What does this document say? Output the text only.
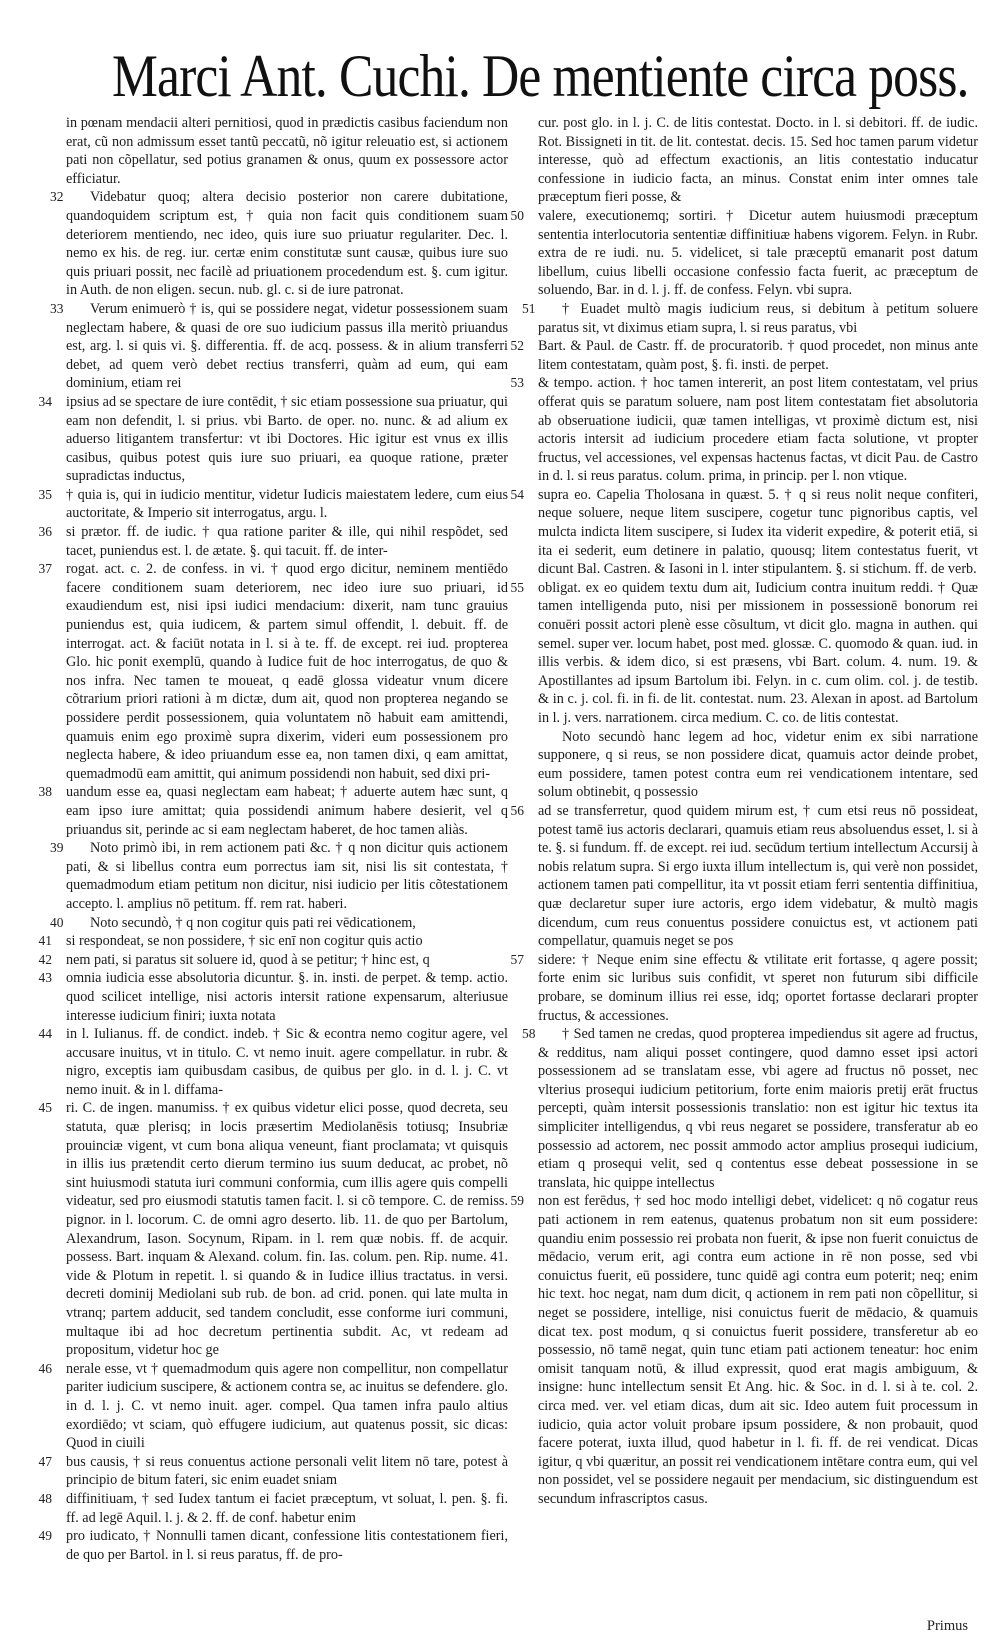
Marci Ant. Cuchi. De mentiente circa poss.

in pœnam mendacii alteri pernitiosi, quod in prædictis casibus faciendum non erat, cũ non admissum esset tantũ peccatũ, nõ igitur releuatio est, si actionem pati non cõpellatur, sed potius granamen & onus, quum ex possessore actor efficiatur.

32 Videbatur quoq; altera decisio posterior non carere dubitatione, quandoquidem scriptum est, † quia non facit quis conditionem suam deteriorem mentiendo, nec ideo, quis iure suo priuatur regulariter. Dec. l. nemo ex his. de reg. iur. certæ enim constitutæ sunt causæ, quibus iure suo quis priuari possit, nec facilè ad priuationem procedendum est. §. cum igitur. in Auth. de non eligen. secun. nub. gl. c. si de iure patronat.

33 Verum enimuerò † is, qui se possidere negat, videtur possessionem suam neglectam habere, & quasi de ore suo iudicium passus illa meritò priuandus est, arg. l. si quis vi. §. differentia. ff. de acq. possess. & in alium transferri debet, ad quem verò debet rectius transferri, quàm ad eum, qui eam dominium, etiam rei

34 ipsius ad se spectare de iure contēdit, † sic etiam possessione sua priuatur, qui eam non defendit, l. si prius. vbi Barto. de oper. no. nunc. & ad alium ex aduerso litigantem transfertur: vt ibi Doctores. Hic igitur est vnus ex illis casibus, quibus potest quis iure suo priuari, ea quoque ratione, præter supradictas inductus,

35 † quia is, qui in iudicio mentitur, videtur Iudicis maiestatem ledere, cum eius auctoritate, & Imperio sit interrogatus, argu. l.

36 si prætor. ff. de iudic. † qua ratione pariter & ille, qui nihil respõdet, sed tacet, puniendus est. l. de ætate. §. qui tacuit. ff. de inter-

37 rogat. act. c. 2. de confess. in vi. † quod ergo dicitur, neminem mentiēdo facere conditionem suam deteriorem, nec ideo iure suo priuari, id exaudiendum est, nisi ipsi iudici mendacium: dixerit, nam tunc grauius puniendus est, quia iudicem, & partem simul offendit, l. debuit. ff. de interrogat. act. & faciūt notata in l. si à te. ff. de except. rei iud. propterea Glo. hic ponit exemplū, quando à Iudice fuit de hoc interrogatus, de quo & nos infra. Nec tamen te moueat, q eadē glossa videatur vnum dicere cõtrarium priori rationi à m dictæ, dum ait, quod non propterea negando se possidere perdit possessionem, quia voluntatem nõ habuit eam amittendi, quamuis enim ego proximè supra dixerim, videri eum possessionem pro neglecta habere, & ideo priuandum esse ea, non tamen dixi, q eam amittat, quemadmodū eam amittit, qui animum possidendi non habuit, sed dixi pri-

38 uandum esse ea, quasi neglectam eam habeat; † aduerte autem hæc sunt, q eam ipso iure amittat; quia possidendi animum habere desierit, vel q priuandus sit, perinde ac si eam neglectam haberet, de hoc tamen aliàs.

39 Noto primò ibi, in rem actionem pati &c. † q non dicitur quis actionem pati, & si libellus contra eum porrectus iam sit, nisi lis sit contestata, † quemadmodum etiam petitum non dicitur, nisi iudicio per litis cõtestationem accepto. l. amplius nō petitum. ff. rem rat. haberi.

40 Noto secundò, † q non cogitur quis pati rei vēdicationem,

41 si respondeat, se non possidere, † sic enī non cogitur quis actio

42 nem pati, si paratus sit soluere id, quod à se petitur; † hinc est, q

43 omnia iudicia esse absolutoria dicuntur. §. in. insti. de perpet. & temp. actio. quod scilicet intellige, nisi actoris intersit ratione expensarum, alteriusue interesse iudicium finiri; iuxta notata

44 in l. Iulianus. ff. de condict. indeb. † Sic & econtra nemo cogitur agere, vel accusare inuitus, vt in titulo. C. vt nemo inuit. agere compellatur. in rubr. & nigro, exceptis iam quibusdam casibus, de quibus per glo. in d. l. j. C. vt nemo inuit. & in l. diffama-

45 ri. C. de ingen. manumiss. † ex quibus videtur elici posse, quod decreta, seu statuta, quæ plerisq; in locis præsertim Mediolanēsis totiusq; Insubriæ prouinciæ vigent, vt cum bona aliqua veneunt, fiant proclamata; vt quisquis in illis ius prætendit certo dierum termino ius suum deducat, ac probet, nõ sint huiusmodi statuta iuri communi conformia, cum illis agere quis compelli videatur, sed pro eiusmodi statutis tamen facit. l. si cõ tempore. C. de remiss. pignor. in l. locorum. C. de omni agro deserto. lib. 11. de quo per Bartolum, Alexandrum, Iason. Socynum, Ripam. in l. rem quæ nobis. ff. de acquir. possess. Bart. inquam & Alexand. colum. fin. Ias. colum. pen. Rip. nume. 41. vide & Plotum in repetit. l. si quando & in Iudice illius tractatus. in versi. decreti dominij Mediolani sub rub. de bon. ad crid. ponen. qui late multa in vtranq; partem adducit, sed tandem concludit, esse conforme iuri communi, multaque ibi ad hoc decretum pertinentia subdit. Ac, vt redeam ad propositum, videtur hoc ge

46 nerale esse, vt † quemadmodum quis agere non compellitur, non compellatur pariter iudicium suscipere, & actionem contra se, ac inuitus se defendere. glo. in d. l. j. C. vt nemo inuit. ager. compel. Qua tamen infra paulo altius exordiēdo; vt sciam, quò effugere iudicium, aut quatenus possit, sic dicas: Quod in ciuili

47 bus causis, † si reus conuentus actione personali velit litem nō tare, potest à principio de bitum fateri, sic enim euadet sniam

48 diffinitiuam, † sed Iudex tantum ei faciet præceptum, vt soluat, l. pen. §. fi. ff. ad legē Aquil. l. j. & 2. ff. de conf. habetur enim

49 pro iudicato, † Nonnulli tamen dicant, confessione litis contestationem fieri, de quo per Bartol. in l. si reus paratus, ff. de pro-

cur. post glo. in l. j. C. de litis contestat. Docto. in l. si debitori. ff. de iudic. Rot. Bissigneti in tit. de lit. contestat. decis. 15. Sed hoc tamen parum videtur interesse, quò ad effectum exactionis, an litis contestatio inducatur confessione in iudicio facta, an minus. Constat enim inter omnes tale præceptum fieri posse, &

50 valere, executionemq; sortiri. † Dicetur autem huiusmodi præceptum sententia interlocutoria sententiæ diffinitiuæ habens vigorem. Felyn. in Rubr. extra de re iudi. nu. 5. videlicet, si tale præceptū emanarit post datum libellum, cuius libelli occasione confessio facta fuerit, ac præceptum de soluendo, Bar. in d. l. j. ff. de confess. Felyn. vbi supra.

51 † Euadet multò magis iudicium reus, si debitum à petitum soluere paratus sit, vt diximus etiam supra, l. si reus paratus, vbi

52 Bart. & Paul. de Castr. ff. de procuratorib. † quod procedet, non minus ante litem contestatam, quàm post, §. fi. insti. de perpet.

53 & tempo. action. † hoc tamen intererit, an post litem contestatam, vel prius offerat quis se paratum soluere, nam post litem contestatam fiet absolutoria ab obseruatione iudicii, quæ tamen intelligas, vt proximè dictum est, nisi actoris intersit ad iudicium procedere etiam facta solutione, vt propter fructus, vel accessiones, vel expensas hactenus factas, vt dicit Pau. de Castro in d. l. si reus paratus. colum. prima, in princip. per l. non vtique.

54 supra eo. Capelia Tholosana in quæst. 5. † q si reus nolit neque confiteri, neque soluere, neque litem suscipere, cogetur tunc pignoribus captis, vel mulcta indicta litem suscipere, si Iudex ita viderit expedire, & poterit etiā, si ita ei sederit, eum detinere in palatio, quousq; litem contestatus fuerit, vt dicunt Bal. Castren. & Iasoni in l. inter stipulantem. §. si stichum. ff. de verb.

55 obligat. ex eo quidem textu dum ait, Iudicium contra inuitum reddi. † Quæ tamen intelligenda puto, nisi per missionem in possessionē bonorum rei conuēri possit actori plenè esse cõsultum, vt dicit glo. magna in authen. qui semel. super ver. locum habet, post med. glossæ. C. quomodo & quan. iud. in illis verbis. & idem dico, si est præsens, vbi Bart. colum. 4. num. 19. & Apostillantes ad ipsum Bartolum ibi. Felyn. in c. cum olim. col. j. de testib. & in c. j. col. fi. in fi. de lit. contestat. num. 23. Alexan in apost. ad Bartolum in l. j. vers. narrationem. circa medium. C. co. de litis contestat.

Noto secundò hanc legem ad hoc, videtur enim ex sibi narratione supponere, q si reus, se non possidere dicat, quamuis actor deinde probet, eum possidere, tamen potest contra eum rei vendicationem intentare, sed solum obtinebit, q possessio

56 ad se transferretur, quod quidem mirum est, † cum etsi reus nō possideat, potest tamē ius actoris declarari, quamuis etiam reus absoluendus esset, l. si à te. §. si fundum. ff. de except. rei iud. secūdum tertium intellectum Accursij à nobis relatum supra. Si ergo iuxta illum intellectum is, qui verè non possidet, actionem tamen pati compellitur, ita vt possit etiam ferri sententia diffinitiua, quæ declaretur super iure actoris, ergo idem videbatur, & multò magis dicendum, cum reus conuentus possidere conuictus est, vt actionem pati compellatur, quamuis neget se pos

57 sidere: † Neque enim sine effectu & vtilitate erit fortasse, q agere possit; forte enim sic luribus suis confidit, vt speret non futurum sibi difficile probare, se dominum illius rei esse, idq; oportet fortasse declarari propter fructus, & accessiones.

58 † Sed tamen ne credas, quod propterea impediendus sit agere ad fructus, & redditus, nam aliqui posset contingere, quod damno esset ipsi actori possessionem ad se translatam esse, vbi agere ad fructus nō posset, nec vlterius prosequi iudicium petitorium, forte enim maioris pretij erāt fructus percepti, quàm intersit possessionis translatio: non est igitur hic textus ita simpliciter intelligendus, q vbi reus negaret se possidere, transferatur ab eo possessio ad actorem, nec possit ammodo actor amplius prosequi iudicium, etiam q prosequi velit, sed q contentus esse debeat possessione in se translata, hic quippe intellectus

59 non est ferēdus, † sed hoc modo intelligi debet, videlicet: q nō cogatur reus pati actionem in rem eatenus, quatenus probatum non sit eum possidere: quandiu enim possessio rei probata non fuerit, & ipse non fuerit conuictus de mēdacio, verum erit, agi contra eum actione in rē non posse, sed vbi conuictus fuerit, eū possidere, tunc quidē agi contra eum poterit; neq; enim hic text. hoc negat, nam dum dicit, q actionem in rem pati non cõpellitur, si neget se possidere, intellige, nisi conuictus fuerit de mēdacio, & quamuis dicat tex. post modum, q si conuictus fuerit possidere, transferetur ab eo possessio, nō tamē negat, quin tunc etiam pati actionem teneatur: hoc enim omisit tanquam notū, & illud expressit, quod erat magis ambiguum, & insigne: hunc intellectum sensit Et Ang. hic. & Soc. in d. l. si à te. col. 2. circa med. ver. vel etiam dicas, dum ait sic. Ideo autem fuit processum in iudicio, quia actor voluit probare ipsum possidere, & non probauit, quod facere poterat, iuxta illud, quod habetur in l. fi. ff. de rei vendicat. Dicas igitur, q vbi quæritur, an possit rei vendicationem intētare contra eum, qui vel non possidet, vel se possidere negauit per mendacium, sic distinguendum est secundum infrascriptos casus.

Primus
